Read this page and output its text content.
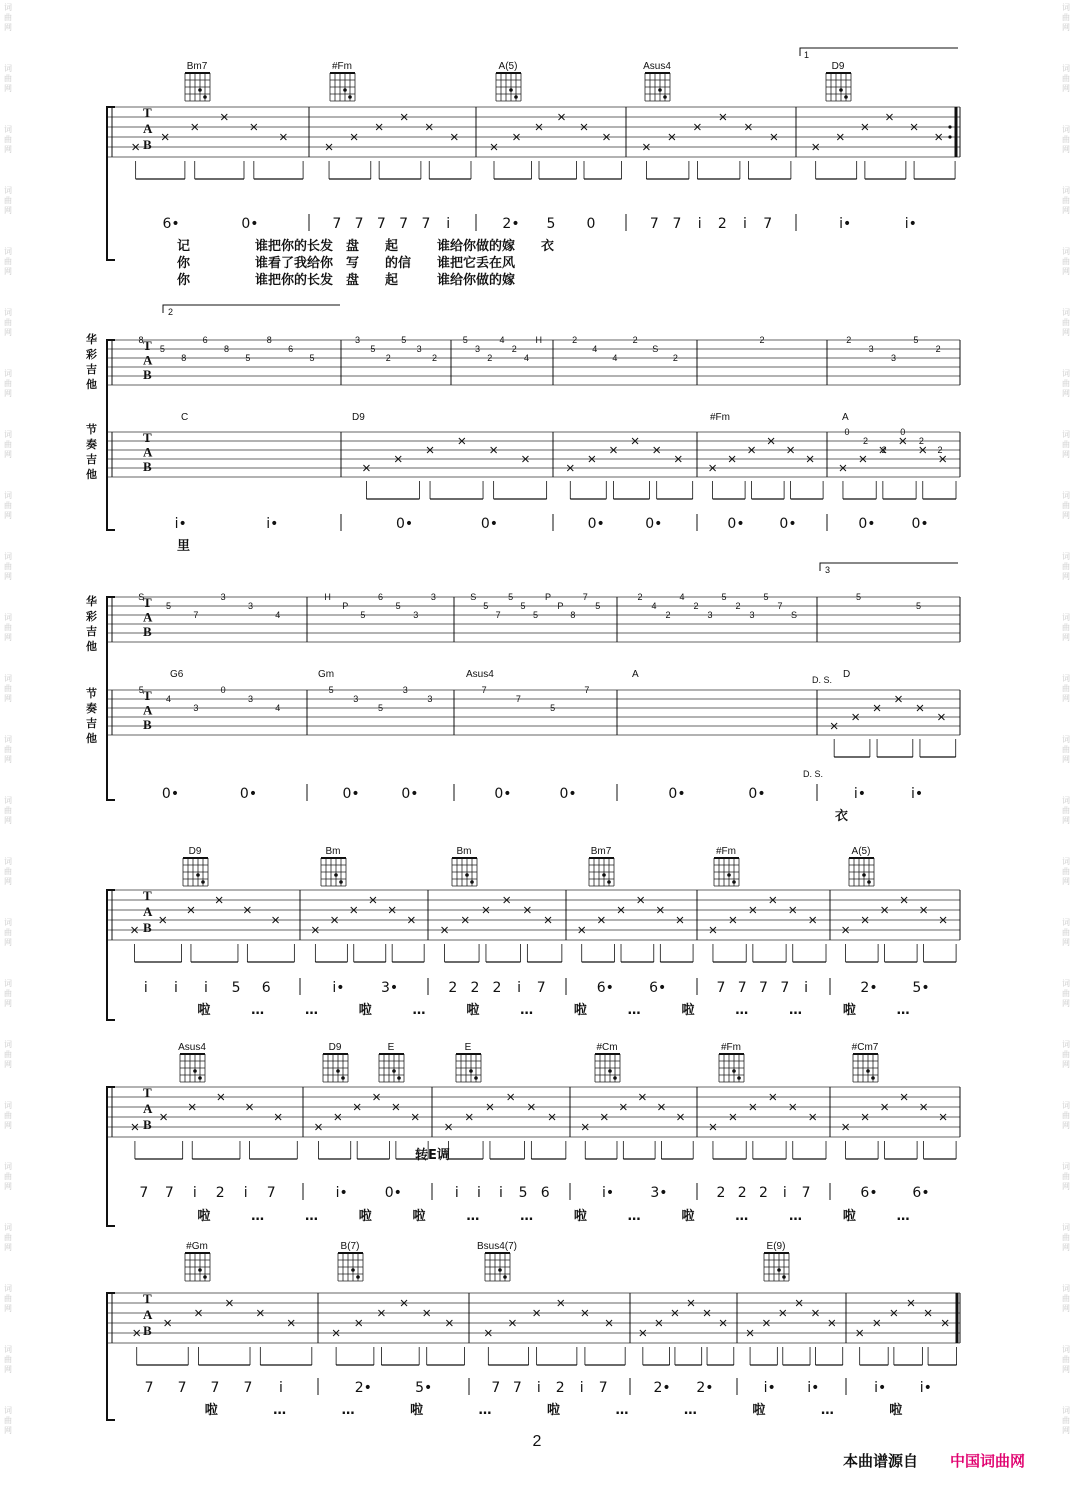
词
曲
网
词
曲
网
词
曲
网
词
曲
网
词
曲
网
词
曲
网
词
曲
网
词
曲
网
词
曲
网
词
曲
网
词
曲
网
词
曲
网
词
曲
网
词
曲
网
词
曲
网
词
曲
网
词
曲
网
词
曲
网
词
曲
网
词
曲
网
词
曲
网
词
曲
网
词
曲
网
词
曲
网
词
曲
网
词
曲
网
词
曲
网
词
曲
网
词
曲
网
词
曲
网
词
曲
网
词
曲
网
词
曲
网
词
曲
网
词
曲
网
词
曲
网
词
曲
网
词
曲
网
词
曲
网
词
曲
网
词
曲
网
词
曲
网
词
曲
网
词
曲
网
词
曲
网
词
曲
网
词
曲
网
词
曲
网
Bm7	#Fm	A(5)	Asus4	D9
1
T
A
B
6•	0•	7 7 7 7 7 i	2• 5 0	7 7 i 2 i 7	i•	i•
记　　　　　谁把你的长发　盘　　起　　　谁给你做的嫁　　衣
你　　　　　谁看了我给你　写　　的信　　谁把它丢在风
你　　　　　谁把你的长发　盘　　起　　　谁给你做的嫁
2
华
彩
吉
他
T
A
B
8
5
8
6
8
5
8
6
5
3
5
2
5
3
2
5
3
2
4
2
4
H	2
4
4
2
S
2
2	2
3
3
5
2
节
奏
吉
他
C	D9	#Fm	A
T
A
B
0
2
2
0
2
2
i•	i•	0•	0•	0•	0•	0• 0•	0•	0•
里
3
华
彩
吉
他
T
A
B
S
5
7
3
3
4
H
P
5
6
5
3
3	S
5
7
5
5
5
P
P
8
7
5
2
4
2
4
2
3
5
2
3
5
7
S
5
5
节
奏
吉
他
G6	Gm	Asus4	A	D
D. S.
T
A
B
5
4
3
0
3
4
5
3
5
3
3
7
7
5
7
0•	0•	0•	0•	0•	0•	0•	0•	i•	i•
D. S.
衣
D9	Bm	Bm	Bm7	#Fm	A(5)
T
A
B
i i i 5 6	i•	3•	2 2 2 i 7	6•	6•	7 7 7 7 i	2• 5•
啦	…	…	啦	…	啦	…	啦	…	啦	…	…	啦	…
Asus4	D9	E	E	#Cm	#Fm	#Cm7
T
A
B
7 7 i 2 i 7	i•	0•	i i i 5 6	i•	3•	2 2 2 i 7	6• 6•
啦	…	…	啦	啦	…	…	啦	…	啦	…	…	啦	…
转E调
#Gm	B(7)	Bsus4(7)	E(9)
T
A
B
7 7 7 7 i	2•	5•	7 7 i 2 i 7	2• 2•	i• i•	i• i•
啦	…	…	啦	…	啦	…	…	啦	…	啦
2
本曲谱源自 中国词曲网
